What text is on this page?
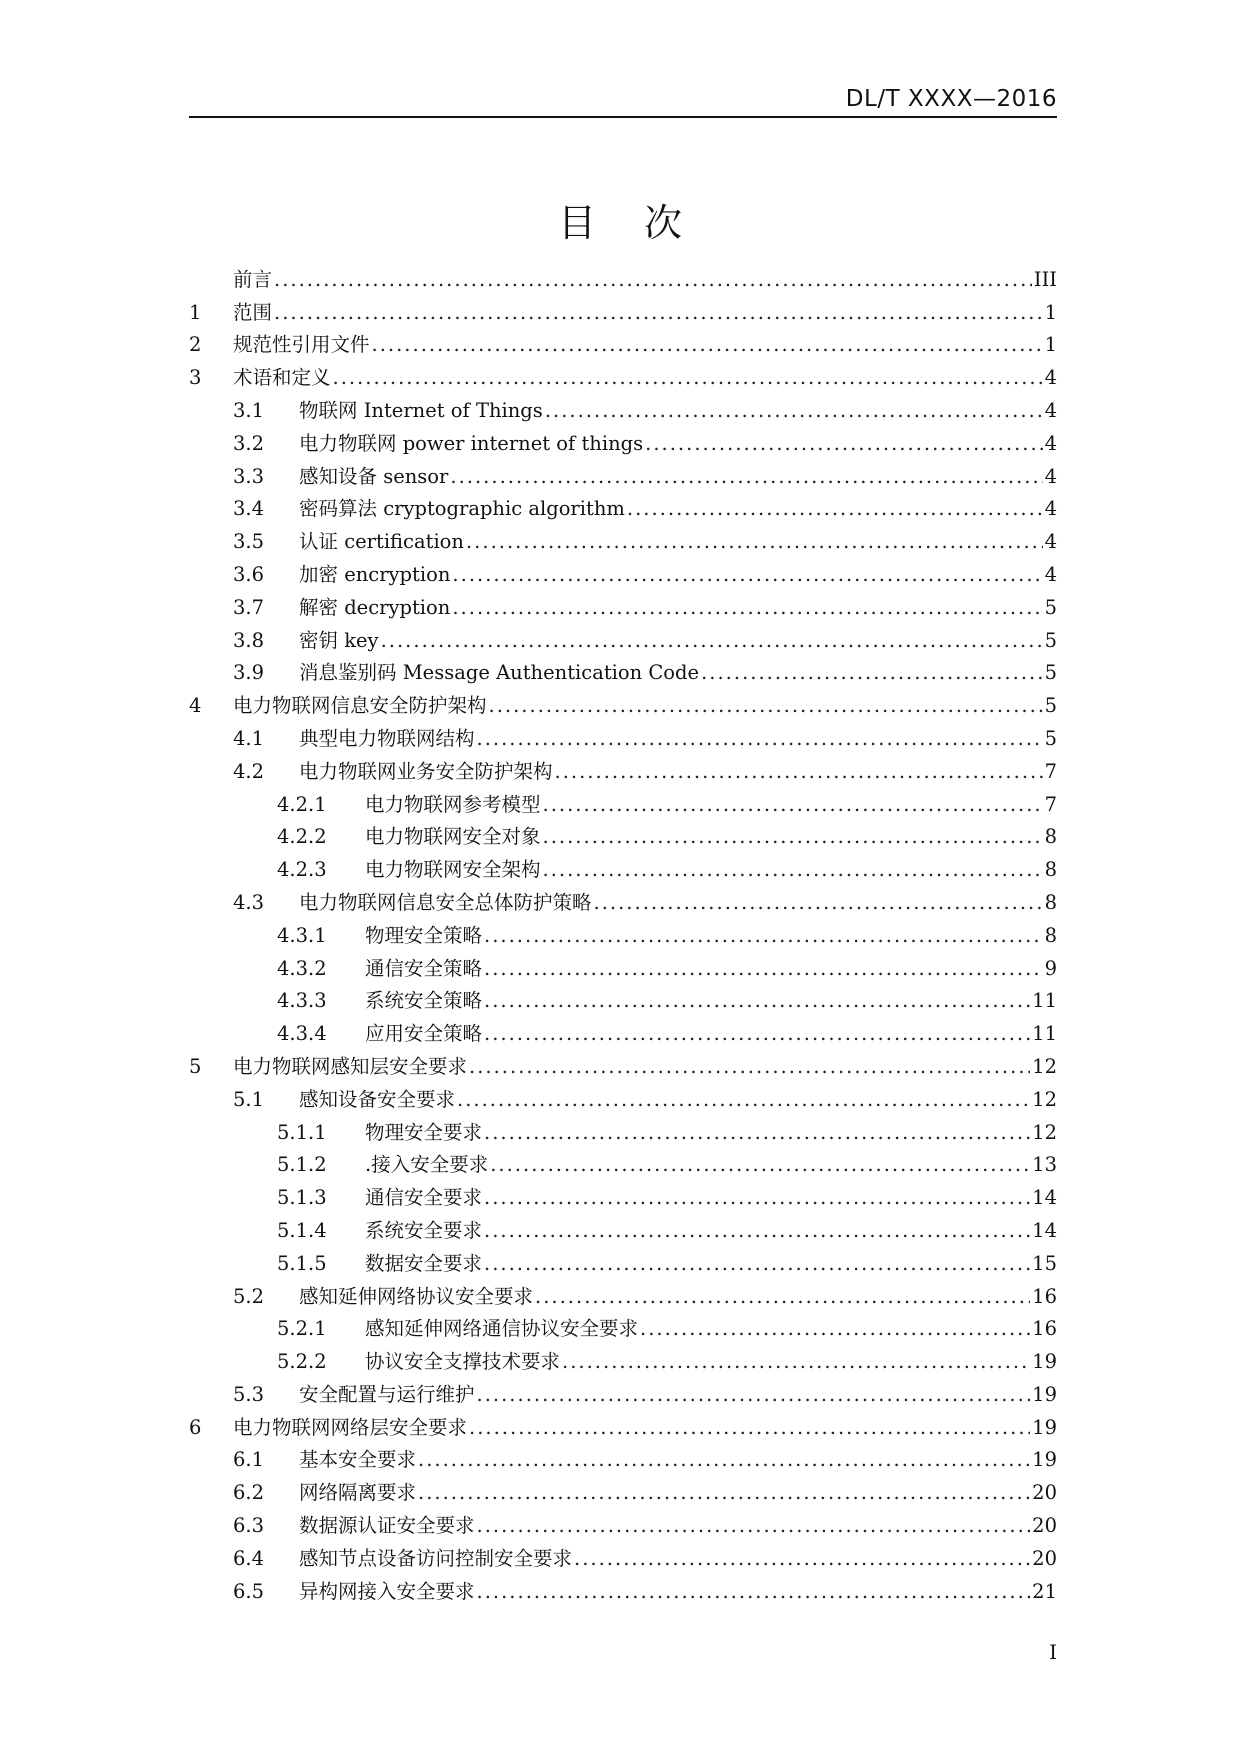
DL/T XXXX—2016
目 次
前言 .....	III
1	范围 .....	1
2	规范性引用文件 .....	1
3	术语和定义 .....	4
3.1	物联网 Internet of Things .....	4
3.2	电力物联网 power internet of things .....	4
3.3	感知设备 sensor .....	4
3.4	密码算法 cryptographic algorithm .....	4
3.5	认证 certification .....	4
3.6	加密 encryption .....	4
3.7	解密 decryption .....	5
3.8	密钥 key .....	5
3.9	消息鉴别码 Message Authentication Code .....	5
4	电力物联网信息安全防护架构 .....	5
4.1	典型电力物联网结构 .....	5
4.2	电力物联网业务安全防护架构 .....	7
4.2.1	电力物联网参考模型 .....	7
4.2.2	电力物联网安全对象 .....	8
4.2.3	电力物联网安全架构 .....	8
4.3	电力物联网信息安全总体防护策略 .....	8
4.3.1	物理安全策略 .....	8
4.3.2	通信安全策略 .....	9
4.3.3	系统安全策略 .....	11
4.3.4	应用安全策略 .....	11
5	电力物联网感知层安全要求 .....	12
5.1	感知设备安全要求 .....	12
5.1.1	物理安全要求 .....	12
5.1.2	.接入安全要求 .....	13
5.1.3	通信安全要求 .....	14
5.1.4	系统安全要求 .....	14
5.1.5	数据安全要求 .....	15
5.2	感知延伸网络协议安全要求 .....	16
5.2.1	感知延伸网络通信协议安全要求 .....	16
5.2.2	协议安全支撑技术要求 .....	19
5.3	安全配置与运行维护 .....	19
6	电力物联网网络层安全要求 .....	19
6.1	基本安全要求 .....	19
6.2	网络隔离要求 .....	20
6.3	数据源认证安全要求 .....	20
6.4	感知节点设备访问控制安全要求 .....	20
6.5	异构网接入安全要求 .....	21
I
